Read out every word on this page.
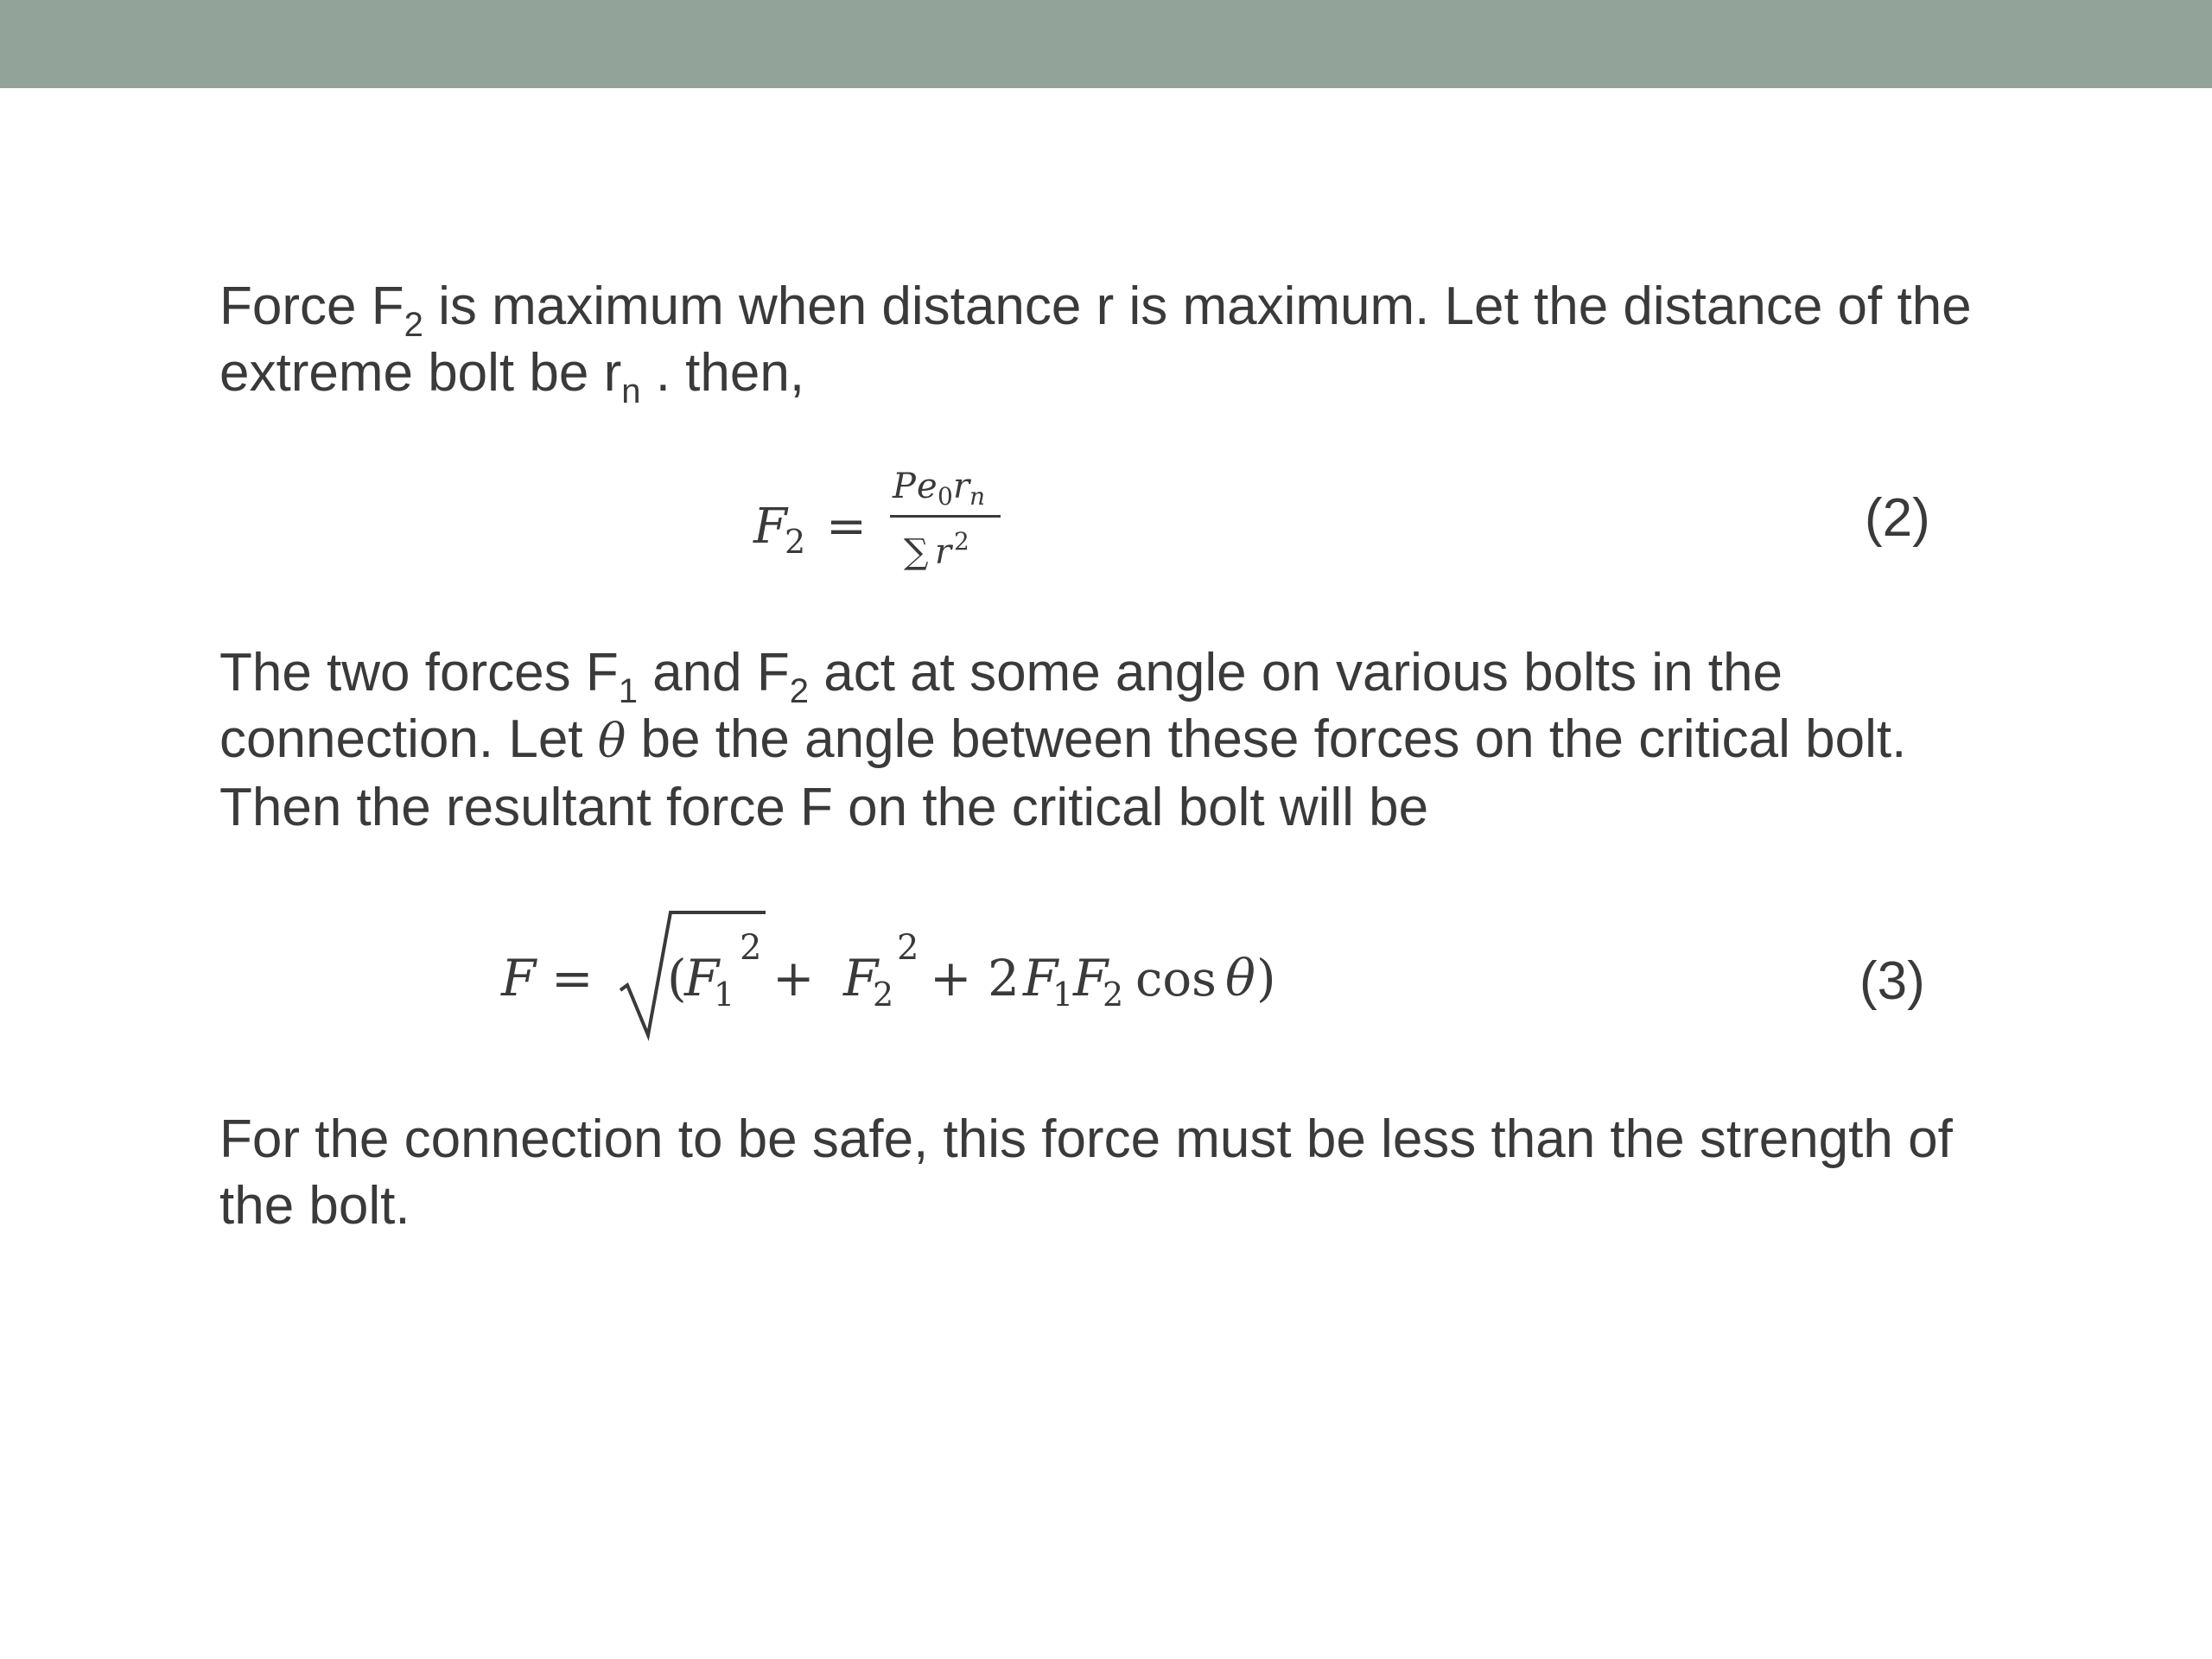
Force $F_2$ is maximum when distance r is maximum. Let the distance of the extreme bolt be $r_n$ . then,

F
2 =
P e 0 r n
∑ r 2	(2)

The two forces $F_1$ and $F_2$ act at some angle on various bolts in the connection. Let θ be the angle between these forces on the critical bolt. Then the resultant force F on the critical bolt will be

F = (
F
1
2
+ F
2
2
+ 2 F
1 F
2 cos θ )	(3)

For the connection to be safe, this force must be less than the strength of the bolt.
